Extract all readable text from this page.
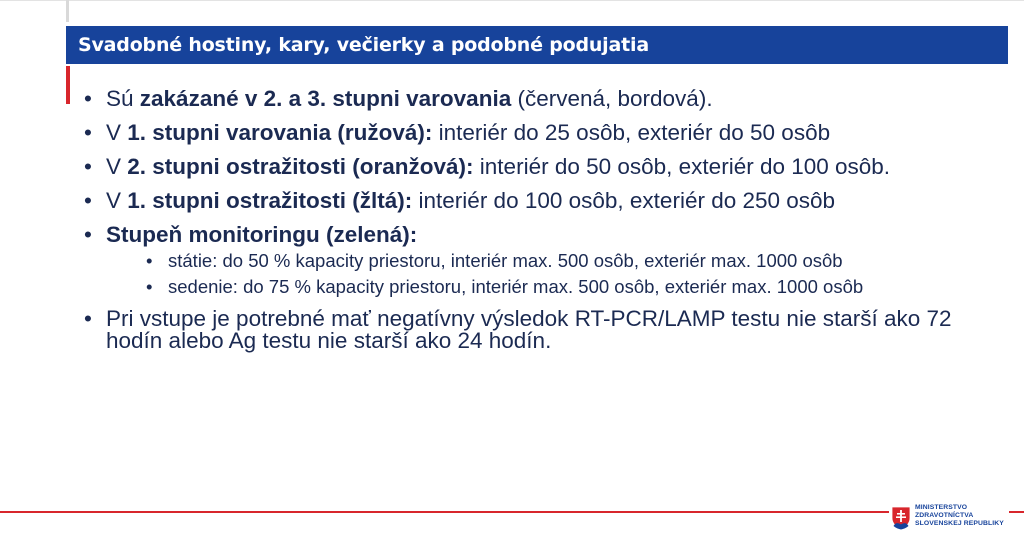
Svadobné hostiny, kary, večierky a podobné podujatia
• Sú zakázané v 2. a 3. stupni varovania (červená, bordová).
• V 1. stupni varovania (ružová): interiér do 25 osôb, exteriér do 50 osôb
• V 2. stupni ostražitosti (oranžová): interiér do 50 osôb, exteriér do 100 osôb.
• V 1. stupni ostražitosti (žltá): interiér do 100 osôb, exteriér do 250 osôb
• Stupeň monitoringu (zelená):
• státie: do 50 % kapacity priestoru, interiér max. 500 osôb, exteriér max. 1000 osôb
• sedenie: do 75 % kapacity priestoru, interiér max. 500 osôb, exteriér max. 1000 osôb
• Pri vstupe je potrebné mať negatívny výsledok RT-PCR/LAMP testu nie starší ako 72 hodín alebo Ag testu nie starší ako 24 hodín.
MINISTERSTVO
ZDRAVOTNÍCTVA
SLOVENSKEJ REPUBLIKY
